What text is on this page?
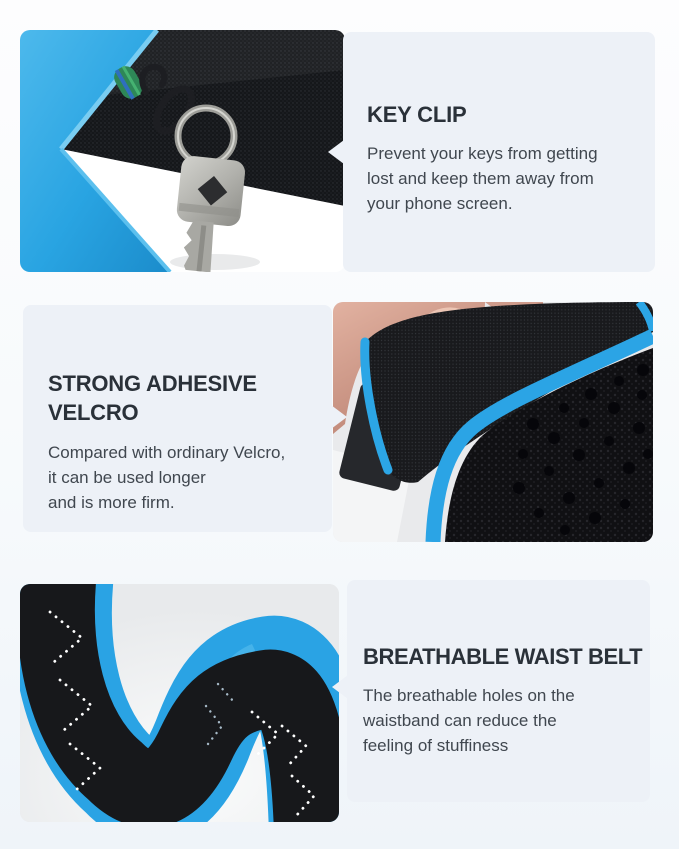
KEY CLIP

Prevent your keys from getting
lost and keep them away from
your phone screen.

STRONG ADHESIVE VELCRO

Compared with ordinary Velcro,
it can be used longer
and is more firm.

BREATHABLE WAIST BELT

The breathable holes on the
waistband can reduce the
feeling of stuffiness
